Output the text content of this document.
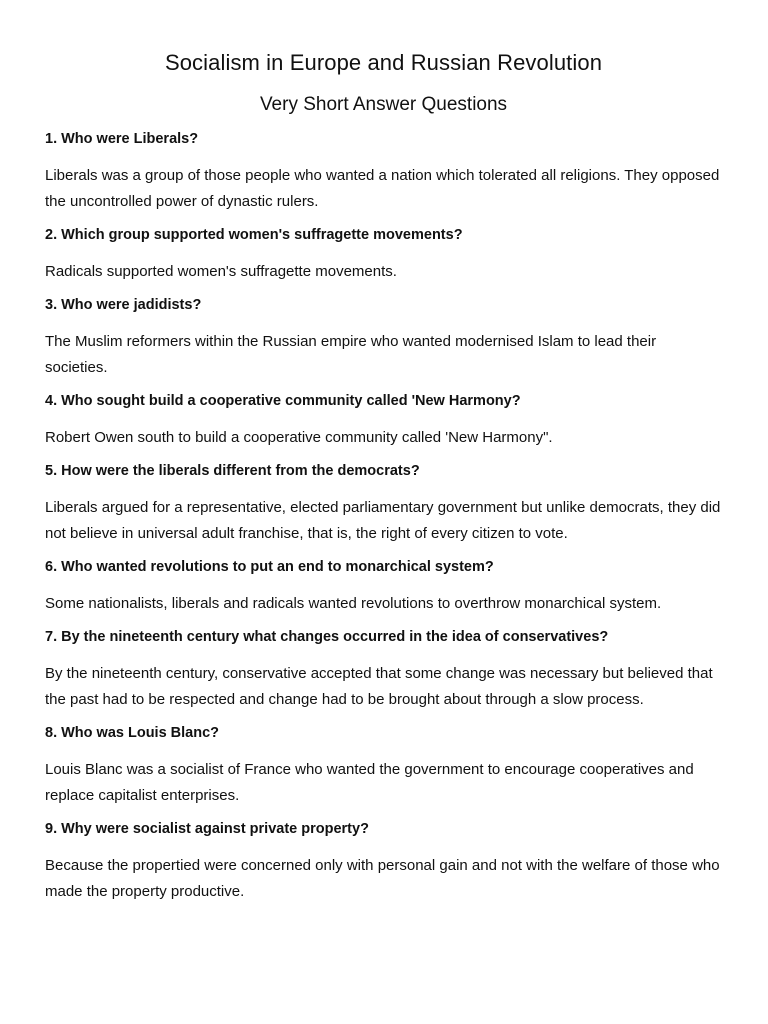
Socialism in Europe and Russian Revolution
Very Short Answer Questions

1. Who were Liberals?

Liberals was a group of those people who wanted a nation which tolerated all religions. They opposed the uncontrolled power of dynastic rulers.

2. Which group supported women's suffragette movements?

Radicals supported women's suffragette movements.

3. Who were jadidists?

The Muslim reformers within the Russian empire who wanted modernised Islam to lead their societies.

4. Who sought build a cooperative community called 'New Harmony?

Robert Owen south to build a cooperative community called 'New Harmony".

5. How were the liberals different from the democrats?

Liberals argued for a representative, elected parliamentary government but unlike democrats, they did not believe in universal adult franchise, that is, the right of every citizen to vote.

6. Who wanted revolutions to put an end to monarchical system?

Some nationalists, liberals and radicals wanted revolutions to overthrow monarchical system.

7. By the nineteenth century what changes occurred in the idea of conservatives?

By the nineteenth century, conservative accepted that some change was necessary but believed that the past had to be respected and change had to be brought about through a slow process.

8. Who was Louis Blanc?

Louis Blanc was a socialist of France who wanted the government to encourage cooperatives and replace capitalist enterprises.

9. Why were socialist against private property?

Because the propertied were concerned only with personal gain and not with the welfare of those who made the property productive.
